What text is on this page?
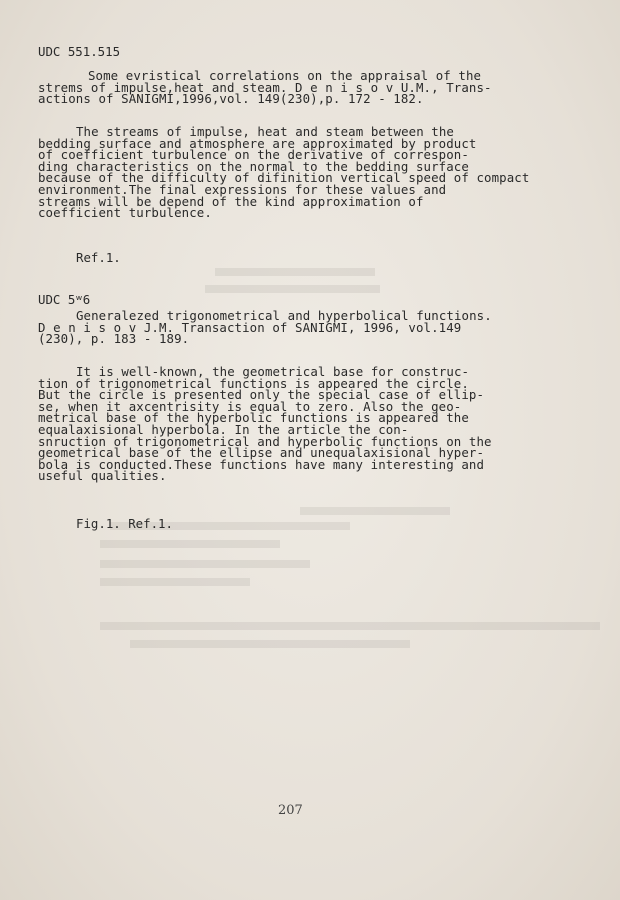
UDC 551.515
Some evristical correlations on the appraisal of the
strems of impulse,heat and steam. D e n i s o v U.M., Trans-
actions of SANIGMI,1996,vol. 149(230),p. 172 - 182.
The streams of impulse, heat and steam between the
bedding surface and atmosphere are approximated by product
of coefficient turbulence on the derivative of correspon-
ding characteristics on the normal to the bedding surface
because of the difficulty of difinition vertical speed of compact
environment.The final expressions for these values and
streams will be depend of the kind approximation of
coefficient turbulence.
Ref.1.
UDC 5ʷ6
Generalezed trigonometrical and hyperbolical functions.
D e n i s o v J.M. Transaction of SANIGMI, 1996, vol.149
(230), p. 183 - 189.
It is well-known, the geometrical base for construc-
tion of trigonometrical functions is appeared the circle.
But the circle is presented only the special case of ellip-
se, when it axcentrisity is equal to zero. Also the geo-
metrical base of the hyperbolic functions is appeared the
equalaxisional hyperbola. In the article the con-
snruction of trigonometrical and hyperbolic functions on the
geometrical base of the ellipse and unequalaxisional hyper-
bola is conducted.These functions have many interesting and
useful qualities.
Fig.1. Ref.1.
207
